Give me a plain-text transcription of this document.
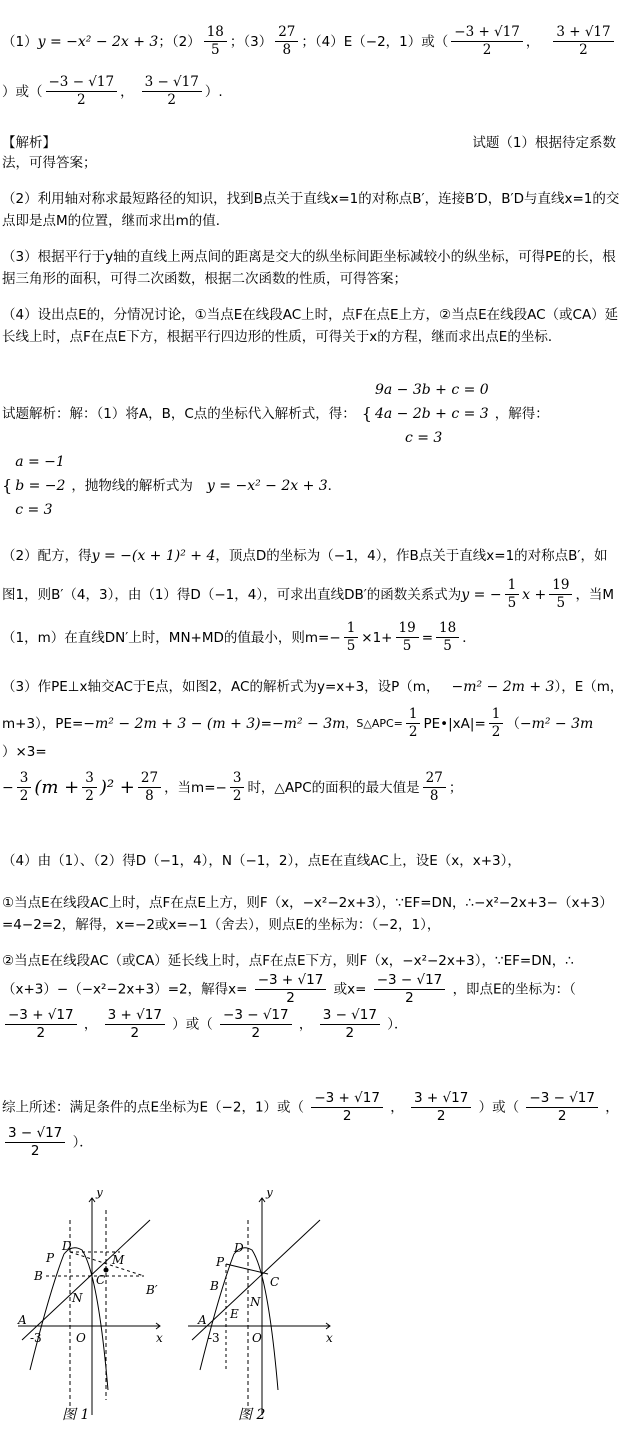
（1） y = −x² − 2x + 3 ；$(2) \frac{18}{5}$ ；$(3) \frac{27}{8}$ ；（4）E（−2，1）或（ $\frac{-3 + √17}{2}$ ， $\frac{3 + √17}{2}$
）或（ $\frac{-3 - √17}{2}$ ， $\frac{3 - √17}{2}$ ）.
【解析】	试题（1）根据待定系数
法，可得答案；
（2）利用轴对称求最短路径的知识，找到B点关于直线x=1的对称点B′，连接B′D，B′D与直线x=1的交点即是点M的位置，继而求出m的值．
（3）根据平行于y轴的直线上两点间的距离是交大的纵坐标间距坐标减较小的纵坐标，可得PE的长，根据三角形的面积，可得二次函数，根据二次函数的性质，可得答案；
（4）设出点E的，分情况讨论，①当点E在线段AC上时，点F在点E上方，②当点E在线段AC（或CA）延长线上时，点F在点E下方，根据平行四边形的性质，可得关于x的方程，继而求出点E的坐标．
试题解析：解：（1）将A，B，C点的坐标代入解析式，得： {
9a − 3b + c = 0
4a − 2b + c = 3
c = 3
，解得：
{
a = −1
b = −2
c = 3
，抛物线的解析式为 y = −x² − 2x + 3 ．
（2）配方，得 y = −(x + 1)² + 4 ，顶点D的坐标为（−1，4），作B点关于直线x=1的对称点B′，如
图1，则B′（4，3），由（1）得D（−1，4），可求出直线DB′的函数关系式为 y = − $\frac{1}{5}$ $x + \frac{19}{5}$ ，当M
（1，m）在直线DN′上时，MN+MD的值最小，则$m=- \frac{1}{5} \times 1+ \frac{19}{5} = \frac{18}{5}$ ．
（3）作PE⊥x轴交AC于E点，如图2，AC的解析式为y=x+3，设P（m， −m² − 2m + 3 ），E（m，
m+3），PE= −m² − 2m + 3 − (m + 3) = −m² − 3m ，S△APC= $\frac{1}{2}$ PE•|xA|= $\frac{1}{2}$ （ −m² − 3m
）×3=
− $\frac{3}{2} (m + \frac{3}{2} )^2 + \frac{27}{8}$ ，当$m=- \frac{3}{2}$ 时，△APC的面积的最大值是 $\frac{27}{8}$ ；
（4）由（1）、（2）得D（−1，4），N（−1，2），点E在直线AC上，设E（x，x+3），
①当点E在线段AC上时，点F在点E上方，则F（x，−x²−2x+3），∵EF=DN，∴−x²−2x+3−（x+3）=4−2=2，解得，x=−2或x=−1（舍去），则点E的坐标为：（−2，1），
②当点E在线段AC（或CA）延长线上时，点F在点E下方，则F（x，−x²−2x+3），∵EF=DN，∴（x+3）−（−x²−2x+3）=2，解得$x= \frac{-3 + √17}{2}$ 或$x= \frac{-3 - √17}{2}$ ，即点E的坐标为：（
$\frac{-3 + √17}{2}$ ， $\frac{3 + √17}{2}$ ）或（ $\frac{-3 - √17}{2}$ ， $\frac{3 - √17}{2}$ ）．
综上所述：满足条件的点E坐标为E（−2，1）或（ $\frac{-3 + √17}{2}$ ， $\frac{3 + √17}{2}$ ）或（ $\frac{-3 - √17}{2}$ ，
$\frac{3 - √17}{2}$ ）．
y
x
D
P
B	C
M
N
B′
A
-3	O
图 1
y
x
D
P
B	C
N
E
A
-3	O
图 2
